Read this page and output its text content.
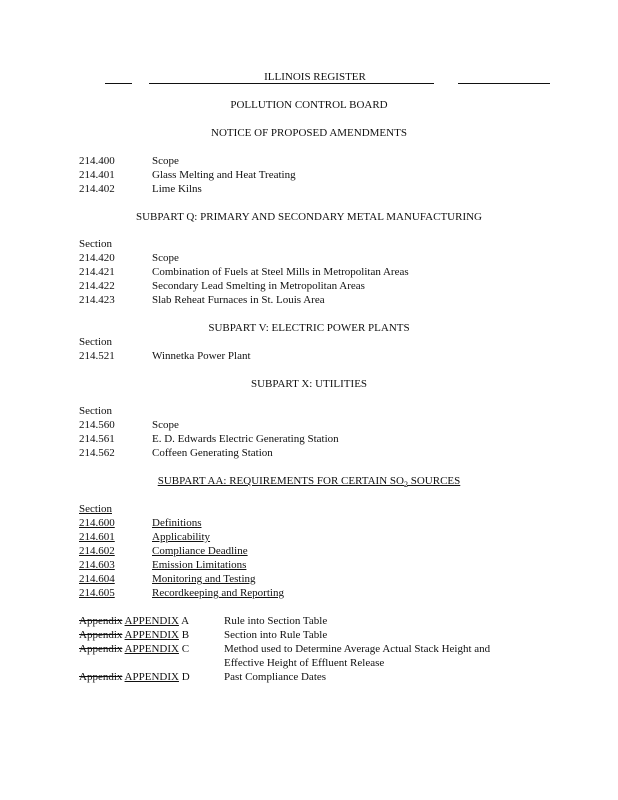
ILLINOIS REGISTER
POLLUTION CONTROL BOARD
NOTICE OF PROPOSED AMENDMENTS
214.400	Scope
214.401	Glass Melting and Heat Treating
214.402	Lime Kilns
SUBPART Q: PRIMARY AND SECONDARY METAL MANUFACTURING
Section
214.420	Scope
214.421	Combination of Fuels at Steel Mills in Metropolitan Areas
214.422	Secondary Lead Smelting in Metropolitan Areas
214.423	Slab Reheat Furnaces in St. Louis Area
SUBPART V: ELECTRIC POWER PLANTS
Section
214.521	Winnetka Power Plant
SUBPART X: UTILITIES
Section
214.560	Scope
214.561	E. D. Edwards Electric Generating Station
214.562	Coffeen Generating Station
SUBPART AA: REQUIREMENTS FOR CERTAIN $SO_2$ SOURCES
Section
214.600	Definitions
214.601	Applicability
214.602	Compliance Deadline
214.603	Emission Limitations
214.604	Monitoring and Testing
214.605	Recordkeeping and Reporting
Appendix APPENDIX A	Rule into Section Table
Appendix APPENDIX B	Section into Rule Table
Appendix APPENDIX C	Method used to Determine Average Actual Stack Height and
Effective Height of Effluent Release
Appendix APPENDIX D	Past Compliance Dates
